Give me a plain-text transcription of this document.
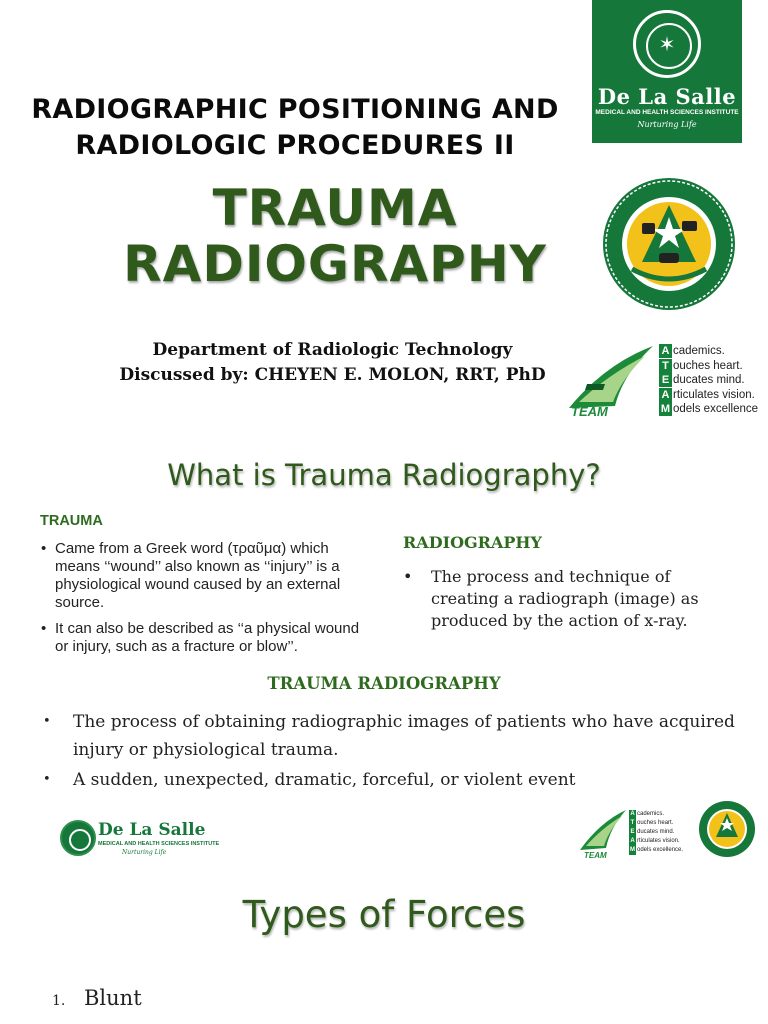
RADIOGRAPHIC POSITIONING AND
RADIOLOGIC PROCEDURES II
TRAUMA
RADIOGRAPHY
Department of Radiologic Technology
Discussed by: CHEYEN E. MOLON, RRT, PhD
✶
De La Salle
MEDICAL AND HEALTH SCIENCES INSTITUTE
Nurturing Life
TEAM
A cademics.
T ouches heart.
E ducates mind.
A rticulates vision.
M odels excellence
What is Trauma Radiography?
TRAUMA
• Came from a Greek word (τραῦμα) which means ‘‘wound’’ also known as ‘‘injury’’ is a physiological wound caused by an external source.
• It can also be described as ‘‘a physical wound or injury, such as a fracture or blow’’.
RADIOGRAPHY
• The process and technique of creating a radiograph (image) as produced by the action of x-ray.
TRAUMA RADIOGRAPHY
• The process of obtaining radiographic images of patients who have acquired injury or physiological trauma.
• A sudden, unexpected, dramatic, forceful, or violent event
De La Salle
MEDICAL AND HEALTH SCIENCES INSTITUTE
Nurturing Life	TEAM
A cademics.
T ouches heart.
E ducates mind.
A rticulates vision.
M odels excellence.
Types of Forces
1. Blunt
